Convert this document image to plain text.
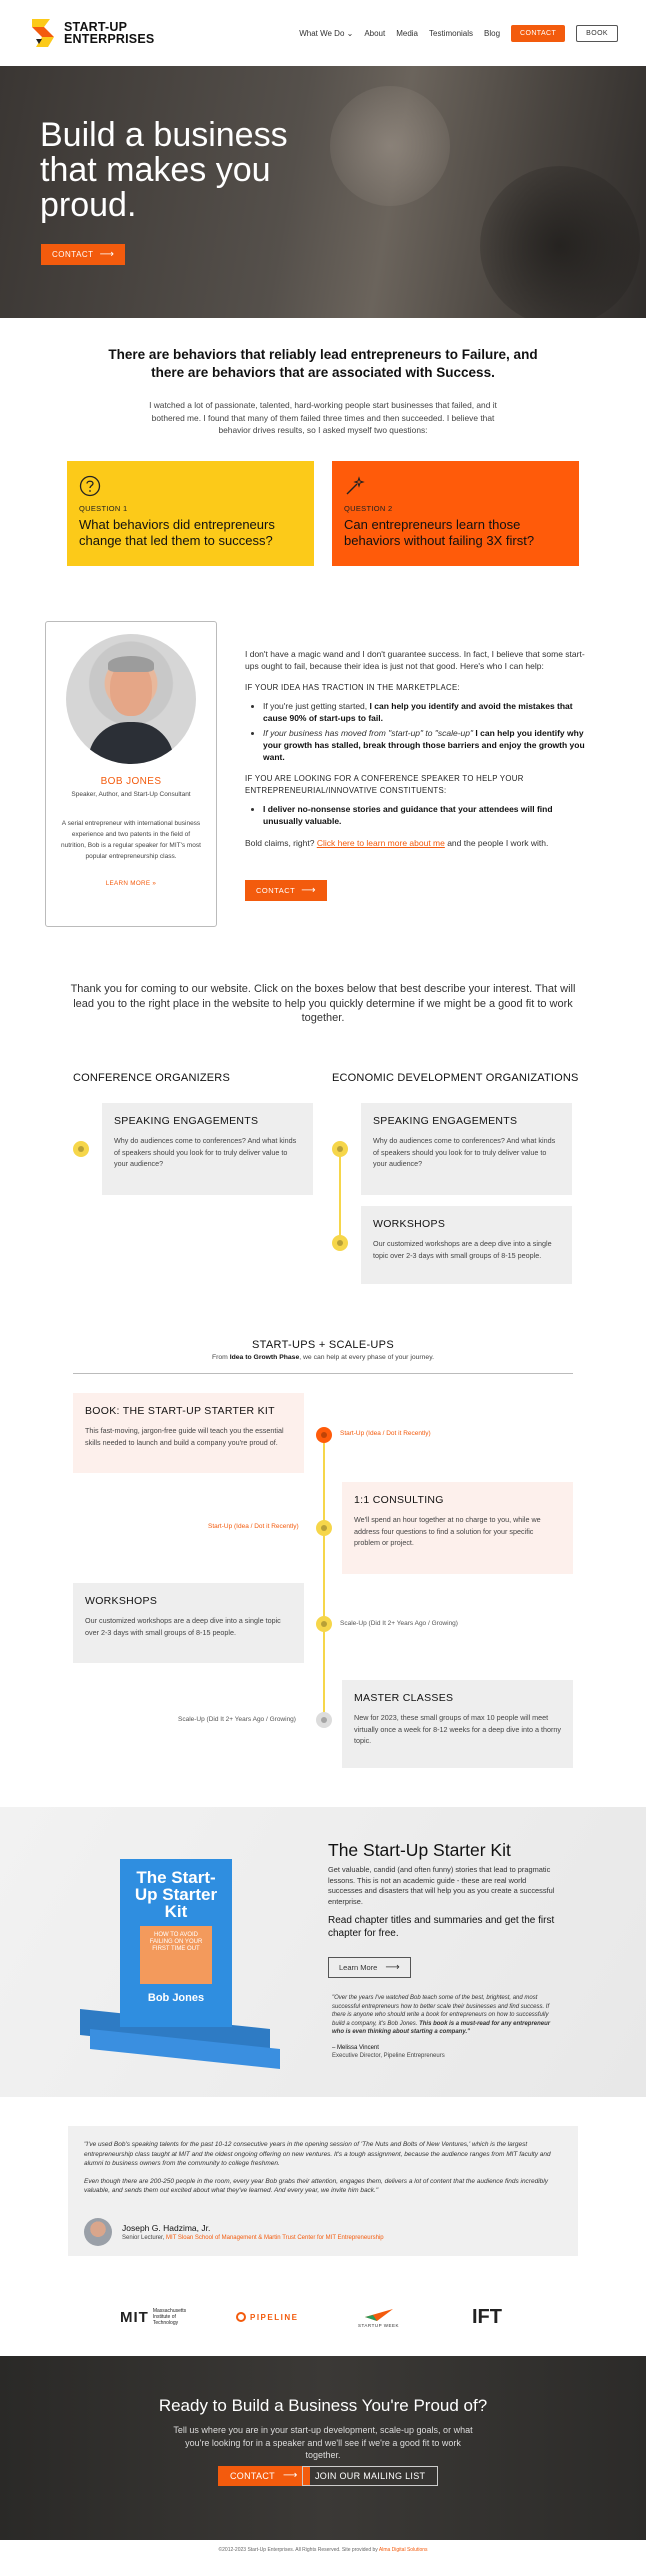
START-UP
ENTERPRISES	What We Do ⌄ About Media Testimonials Blog	CONTACT	BOOK
Build a business that makes you proud.
CONTACT ⟶
There are behaviors that reliably lead entrepreneurs to Failure, and there are behaviors that are associated with Success.

I watched a lot of passionate, talented, hard-working people start businesses that failed, and it bothered me. I found that many of them failed three times and then succeeded. I believe that behavior drives results, so I asked myself two questions:

QUESTION 1
What behaviors did entrepreneurs change that led them to success?
QUESTION 2
Can entrepreneurs learn those behaviors without failing 3X first?
BOB JONES
Speaker, Author, and Start-Up Consultant
A serial entrepreneur with international business experience and two patents in the field of nutrition, Bob is a regular speaker for MIT's most popular entrepreneurship class.
LEARN MORE »

I don't have a magic wand and I don't guarantee success. In fact, I believe that some start-ups ought to fail, because their idea is just not that good. Here's who I can help:

IF YOUR IDEA HAS TRACTION IN THE MARKETPLACE:

• If you're just getting started, I can help you identify and avoid the mistakes that cause 90% of start-ups to fail.
• If your business has moved from "start-up" to "scale-up" I can help you identify why your growth has stalled, break through those barriers and enjoy the growth you want.

IF YOU ARE LOOKING FOR A CONFERENCE SPEAKER TO HELP YOUR ENTREPRENEURIAL/INNOVATIVE CONSTITUENTS:

• I deliver no-nonsense stories and guidance that your attendees will find unusually valuable.

Bold claims, right? Click here to learn more about me and the people I work with.

CONTACT ⟶

Thank you for coming to our website. Click on the boxes below that best describe your interest. That will lead you to the right place in the website to help you quickly determine if we might be a good fit to work together.

CONFERENCE ORGANIZERS	ECONOMIC DEVELOPMENT ORGANIZATIONS
SPEAKING ENGAGEMENTS
Why do audiences come to conferences? And what kinds of speakers should you look for to truly deliver value to your audience?
SPEAKING ENGAGEMENTS
Why do audiences come to conferences? And what kinds of speakers should you look for to truly deliver value to your audience?
WORKSHOPS
Our customized workshops are a deep dive into a single topic over 2-3 days with small groups of 8-15 people.
START-UPS + SCALE-UPS
From Idea to Growth Phase, we can help at every phase of your journey.
BOOK: THE START-UP STARTER KIT
This fast-moving, jargon-free guide will teach you the essential skills needed to launch and build a company you're proud of.
Start-Up (Idea / Dot it Recently)
1:1 CONSULTING
We'll spend an hour together at no charge to you, while we address four questions to find a solution for your specific problem or project.
Start-Up (Idea / Dot it Recently)
WORKSHOPS
Our customized workshops are a deep dive into a single topic over 2-3 days with small groups of 8-15 people.
Scale-Up (Did It 2+ Years Ago / Growing)
MASTER CLASSES
New for 2023, these small groups of max 10 people will meet virtually once a week for 8-12 weeks for a deep dive into a thorny topic.
Scale-Up (Did It 2+ Years Ago / Growing)
The Start-Up Starter Kit
HOW TO AVOID FAILING ON YOUR FIRST TIME OUT
Bob Jones
The Start-Up Starter Kit
Get valuable, candid (and often funny) stories that lead to pragmatic lessons. This is not an academic guide - these are real world successes and disasters that will help you as you create a successful enterprise.
Read chapter titles and summaries and get the first chapter for free.
Learn More ⟶
"Over the years I've watched Bob teach some of the best, brightest, and most successful entrepreneurs how to better scale their businesses and find success. If there is anyone who should write a book for entrepreneurs on how to successfully build a company, it's Bob Jones. This book is a must-read for any entrepreneur who is even thinking about starting a company."
– Melissa Vincent
Executive Director, Pipeline Entrepreneurs

"I've used Bob's speaking talents for the past 10-12 consecutive years in the opening session of 'The Nuts and Bolts of New Ventures,' which is the largest entrepreneurship class taught at MIT and the oldest ongoing offering on new ventures. It's a tough assignment, because the audience ranges from MIT faculty and alumni to business owners from the community to college freshmen.

Even though there are 200-250 people in the room, every year Bob grabs their attention, engages them, delivers a lot of content that the audience finds incredibly valuable, and sends them out excited about what they've learned. And every year, we invite him back."

Joseph G. Hadzima, Jr.
Senior Lecturer, MIT Sloan School of Management & Martin Trust Center for MIT Entrepreneurship
MIT Massachusetts Institute of Technology
PIPELINE
STARTUP WEEK	IFT
Ready to Build a Business You're Proud of?
Tell us where you are in your start-up development, scale-up goals, or what you're looking for in a speaker and we'll see if we're a good fit to work together.
CONTACT ⟶	JOIN OUR MAILING LIST
©2012-2023 Start-Up Enterprises. All Rights Reserved. Site provided by Alma Digital Solutions
